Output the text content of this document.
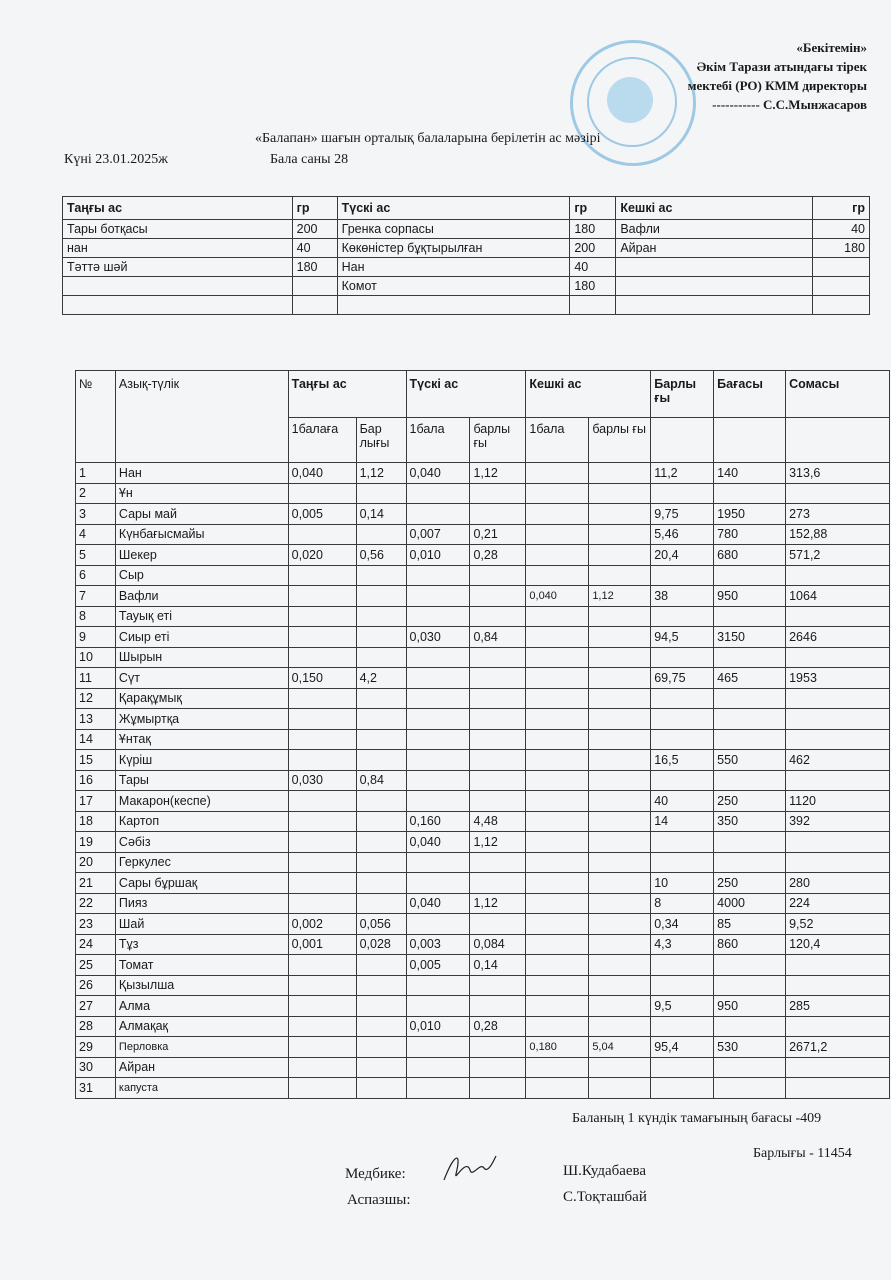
«Бекітемін»
Әкім Тарази атындағы тірек
мектебі (РО) КММ директоры
----------- С.С.Мынжасаров
«Балапан» шағын орталық балаларына берілетін ас мәзірі
Күні 23.01.2025ж	Бала саны 28
Таңғы ас	гр	Түскі ас	гр	Кешкі ас	гр
Тары ботқасы	200	Гренка сорпасы	180	Вафли	40
нан	40	Көкөністер бұқтырылған	200	Айран	180
Тәттә шәй	180	Нан	40		
		Комот	180		

№	Азық-түлік	Таңғы ас		Түскі ас		Кешкі ас		Барлы ғы	Бағасы	Сомасы
		1балаға	Бар лығы	1бала	барлы ғы	1бала	барлы ғы			
1	Нан	0,040	1,12	0,040	1,12			11,2	140	313,6
2	Ұн									
3	Сары май	0,005	0,14					9,75	1950	273
4	Күнбағысмайы			0,007	0,21			5,46	780	152,88
5	Шекер	0,020	0,56	0,010	0,28			20,4	680	571,2
6	Сыр									
7	Вафли					0,040	1,12	38	950	1064
8	Тауық еті									
9	Сиыр еті			0,030	0,84			94,5	3150	2646
10	Шырын									
11	Сүт	0,150	4,2					69,75	465	1953
12	Қарақұмық									
13	Жұмыртқа									
14	Ұнтақ									
15	Күріш							16,5	550	462
16	Тары	0,030	0,84							
17	Макарон(кеспе)							40	250	1120
18	Картоп			0,160	4,48			14	350	392
19	Сәбіз			0,040	1,12					
20	Геркулес									
21	Сары бұршақ							10	250	280
22	Пияз			0,040	1,12			8	4000	224
23	Шай	0,002	0,056					0,34	85	9,52
24	Тұз	0,001	0,028	0,003	0,084			4,3	860	120,4
25	Томат			0,005	0,14					
26	Қызылша									
27	Алма							9,5	950	285
28	Алмақақ			0,010	0,28					
29	Перловка					0,180	5,04	95,4	530	2671,2
30	Айран									
31	капуста									
Баланың 1 күндік тамағының бағасы -409
Барлығы - 11454
Медбике:	Ш.Кудабаева
Аспазшы:	С.Тоқташбай
